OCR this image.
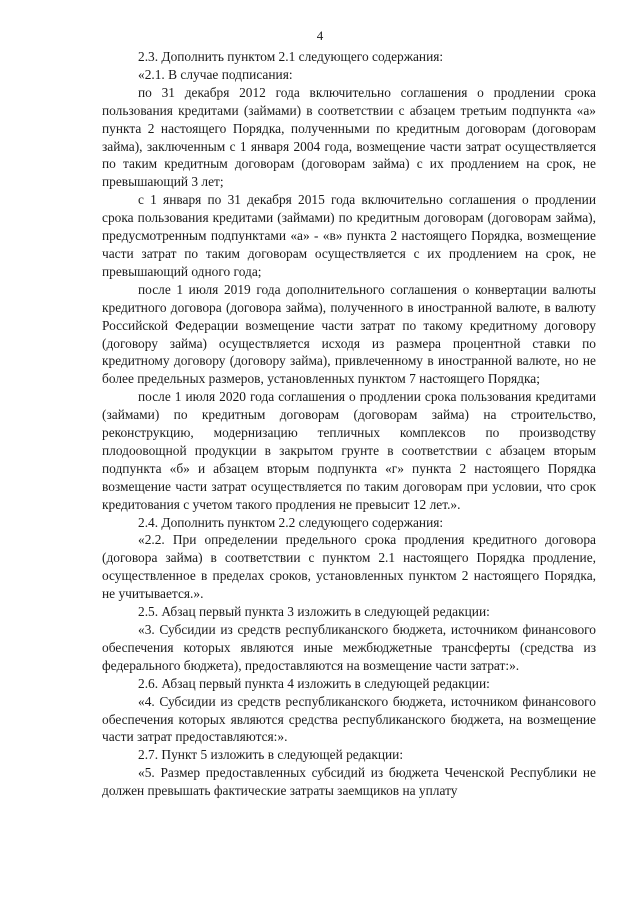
4

2.3. Дополнить пунктом 2.1 следующего содержания:

«2.1. В случае подписания:

по 31 декабря 2012 года включительно соглашения о продлении срока пользования кредитами (займами) в соответствии с абзацем третьим подпункта «а» пункта 2 настоящего Порядка, полученными по кредитным договорам (договорам займа), заключенным с 1 января 2004 года, возмещение части затрат осуществляется по таким кредитным договорам (договорам займа) с их продлением на срок, не превышающий 3 лет;

с 1 января по 31 декабря 2015 года включительно соглашения о продлении срока пользования кредитами (займами) по кредитным договорам (договорам займа), предусмотренным подпунктами «а» - «в» пункта 2 настоящего Порядка, возмещение части затрат по таким договорам осуществляется с их продлением на срок, не превышающий одного года;

после 1 июля 2019 года дополнительного соглашения о конвертации валюты кредитного договора (договора займа), полученного в иностранной валюте, в валюту Российской Федерации возмещение части затрат по такому кредитному договору (договору займа) осуществляется исходя из размера процентной ставки по кредитному договору (договору займа), привлеченному в иностранной валюте, но не более предельных размеров, установленных пунктом 7 настоящего Порядка;

после 1 июля 2020 года соглашения о продлении срока пользования кредитами (займами) по кредитным договорам (договорам займа) на строительство, реконструкцию, модернизацию тепличных комплексов по производству плодоовощной продукции в закрытом грунте в соответствии с абзацем вторым подпункта «б» и абзацем вторым подпункта «г» пункта 2 настоящего Порядка возмещение части затрат осуществляется по таким договорам при условии, что срок кредитования с учетом такого продления не превысит 12 лет.».

2.4. Дополнить пунктом 2.2 следующего содержания:

«2.2. При определении предельного срока продления кредитного договора (договора займа) в соответствии с пунктом 2.1 настоящего Порядка продление, осуществленное в пределах сроков, установленных пунктом 2 настоящего Порядка, не учитывается.».

2.5. Абзац первый пункта 3 изложить в следующей редакции:

«3. Субсидии из средств республиканского бюджета, источником финансового обеспечения которых являются иные межбюджетные трансферты (средства из федерального бюджета), предоставляются на возмещение части затрат:».

2.6. Абзац первый пункта 4 изложить в следующей редакции:

«4. Субсидии из средств республиканского бюджета, источником финансового обеспечения которых являются средства республиканского бюджета, на возмещение части затрат предоставляются:».

2.7. Пункт 5 изложить в следующей редакции:

«5. Размер предоставленных субсидий из бюджета Чеченской Республики не должен превышать фактические затраты заемщиков на уплату
